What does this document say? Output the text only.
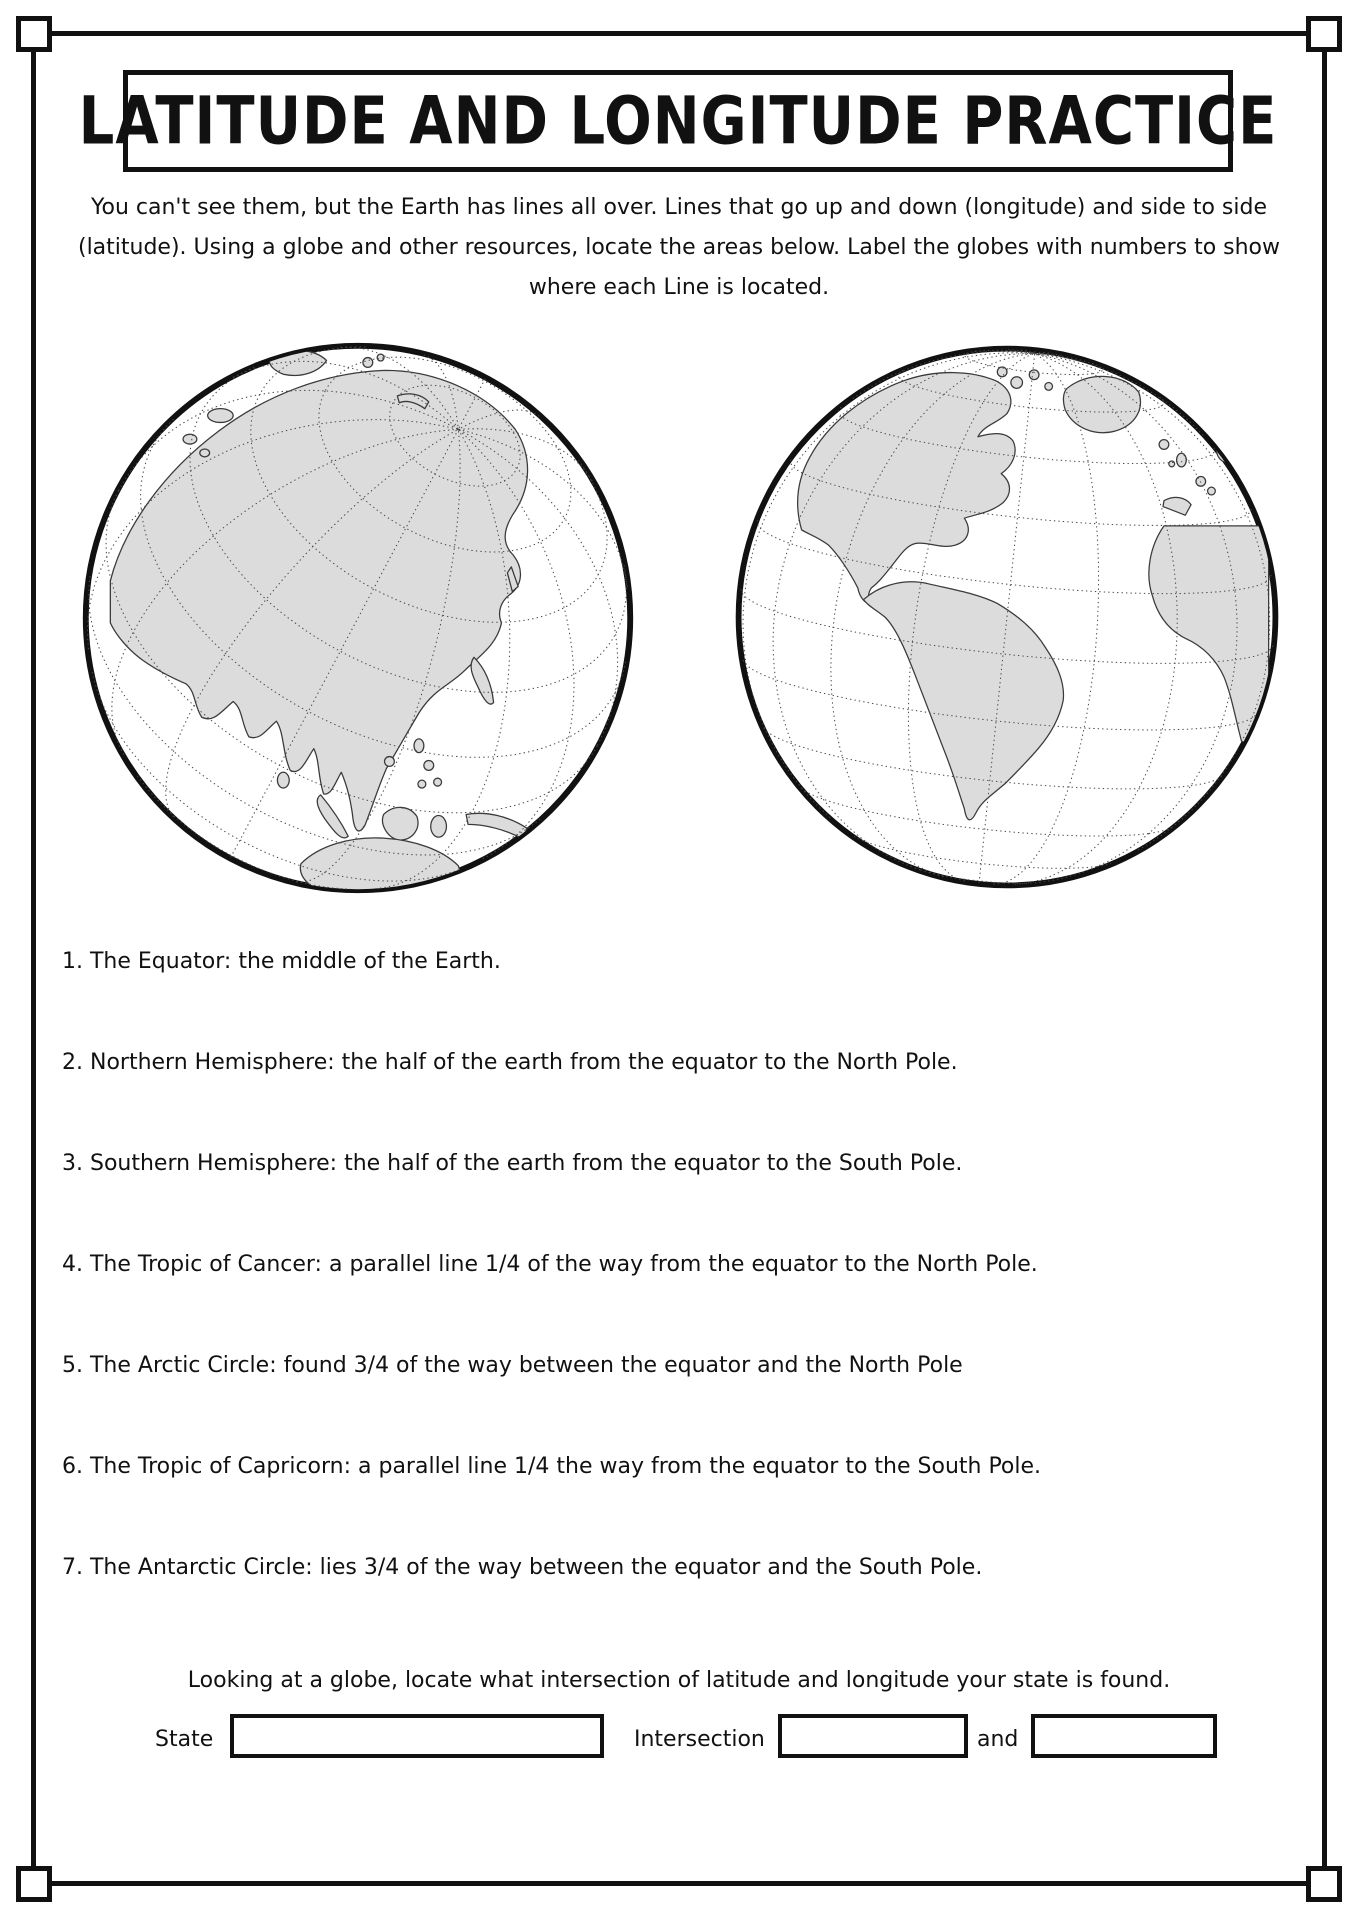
LATITUDE AND LONGITUDE PRACTICE
You can't see them, but the Earth has lines all over. Lines that go up and down (longitude) and side to side
(latitude). Using a globe and other resources, locate the areas below. Label the globes with numbers to show
where each Line is located.
1. The Equator: the middle of the Earth.
2. Northern Hemisphere: the half of the earth from the equator to the North Pole.
3. Southern Hemisphere: the half of the earth from the equator to the South Pole.
4. The Tropic of Cancer: a parallel line 1/4 of the way from the equator to the North Pole.
5. The Arctic Circle: found 3/4 of the way between the equator and the North Pole
6. The Tropic of Capricorn: a parallel line 1/4 the way from the equator to the South Pole.
7. The Antarctic Circle: lies 3/4 of the way between the equator and the South Pole.
Looking at a globe, locate what intersection of latitude and longitude your state is found.
State	Intersection	and
